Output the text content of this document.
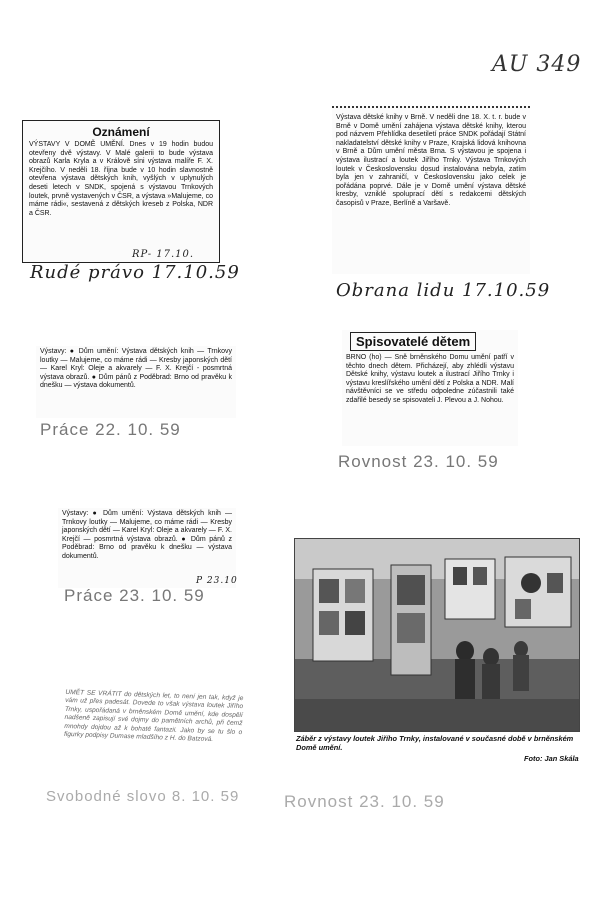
AU 349
Oznámení
VÝSTAVY V DOMĚ UMĚNÍ. Dnes v 19 hodin budou otevřeny dvě výstavy. V Malé galerii to bude výstava obrazů Karla Kryla a v Králově síni výstava malíře F. X. Krejčího. V neděli 18. října bude v 10 hodin slavnostně otevřena výstava dětských knih, vyšlých v uplynulých deseti letech v SNDK, spojená s výstavou Trnkových loutek, prvně vystavených v ČSR, a výstava »Malujeme, co máme rádi«, sestavená z dětských kreseb z Polska, NDR a ČSR.
RP- 17.10.
Rudé právo 17.10.59
Výstava dětské knihy v Brně. V neděli dne 18. X. t. r. bude v Brně v Domě umění zahájena výstava dětské knihy, kterou pod názvem Přehlídka desetiletí práce SNDK pořádají Státní nakladatelství dětské knihy v Praze, Krajská lidová knihovna v Brně a Dům umění města Brna. S výstavou je spojena i výstava ilustrací a loutek Jiřího Trnky. Výstava Trnkových loutek v Československu dosud instalována nebyla, zatím byla jen v zahraničí, v Československu jako celek je pořádána poprvé. Dále je v Domě umění výstava dětské kresby, vzniklé spoluprací dětí s redakcemi dětských časopisů v Praze, Berlíně a Varšavě.
Obrana lidu 17.10.59
Výstavy: ● Dům umění: Výstava dětských knih — Trnkovy loutky — Malujeme, co máme rádi — Kresby japonských dětí — Karel Kryl: Oleje a akvarely — F. X. Krejčí - posmrtná výstava obrazů. ● Dům pánů z Poděbrad: Brno od pravěku k dnešku — výstava dokumentů.
Práce 22. 10. 59
Spisovatelé dětem
BRNO (ho) — Sně brněnského Domu umění patří v těchto dnech dětem. Přicházejí, aby zhlédli výstavu Dětské knihy, výstavu loutek a ilustrací Jiřího Trnky i výstavu kreslířského umění dětí z Polska a NDR. Malí návštěvníci se ve středu odpoledne zúčastnili také zdařilé besedy se spisovateli J. Plevou a J. Nohou.
Rovnost 23. 10. 59
Výstavy: ● Dům umění: Výstava dětských knih — Trnkovy loutky — Malujeme, co máme rádi — Kresby japonských dětí — Karel Kryl: Oleje a akvarely — F. X. Krejčí — posmrtná výstava obrazů. ● Dům pánů z Poděbrad: Brno od pravěku k dnešku — výstava dokumentů.
P 23.10
Práce 23. 10. 59
UMĚT SE VRÁTIT do dětských let, to není jen tak, když je vám už přes padesát. Dovede to však výstava loutek Jiřího Trnky, uspořádaná v brněnském Domě umění, kde dospělí nadšeně zapisují své dojmy do pamětních archů, při čemž mnohdy dojdou až k bohaté fantazii. Jako by se tu šlo o figurky podpisy Dumase mladšího z H. do Batzová.
Svobodné slovo 8. 10. 59
Záběr z výstavy loutek Jiřího Trnky, instalované v současné době v brněnském Domě umění.
Foto: Jan Skála
Rovnost 23. 10. 59
